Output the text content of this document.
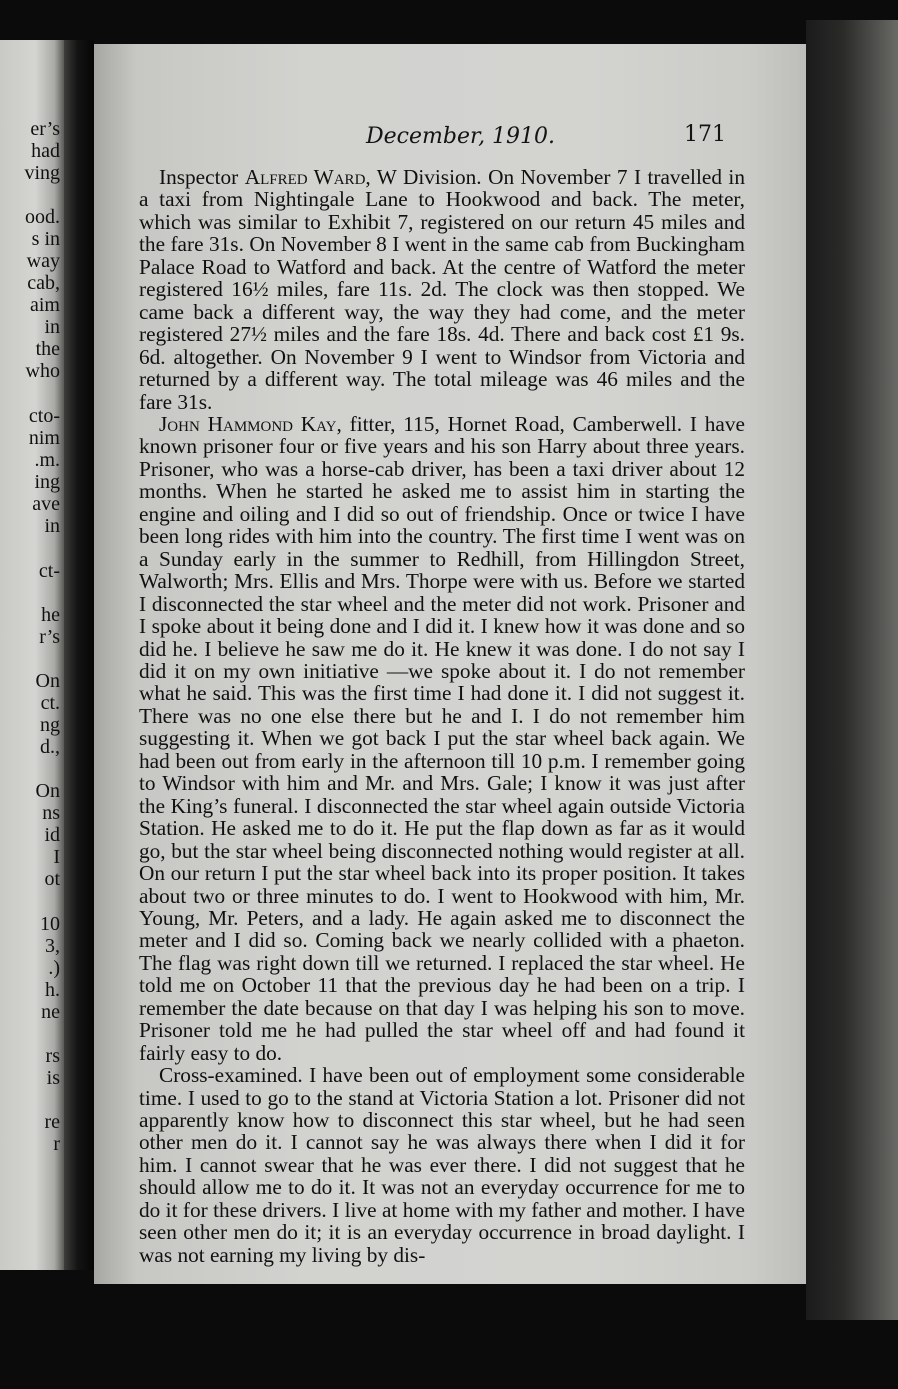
er’s
had
ving
ood.
s in
way
cab,
aim
in
the
who
cto-
nim
.m.
ing
ave
in
ct-
he
r’s
On
ct.
ng
d.,
On
ns
id
I
ot
10
3,
.)
h.
ne
rs
is
re
r
December, 1910.	171

Inspector Alfred Ward, W Division. On November 7 I travelled in a taxi from Nightingale Lane to Hookwood and back. The meter, which was similar to Exhibit 7, registered on our return 45 miles and the fare 31s. On November 8 I went in the same cab from Buckingham Palace Road to Watford and back. At the centre of Watford the meter registered 16½ miles, fare 11s. 2d. The clock was then stopped. We came back a different way, the way they had come, and the meter registered 27½ miles and the fare 18s. 4d. There and back cost £1 9s. 6d. altogether. On November 9 I went to Windsor from Victoria and returned by a different way. The total mileage was 46 miles and the fare 31s.

John Hammond Kay, fitter, 115, Hornet Road, Camberwell. I have known prisoner four or five years and his son Harry about three years. Prisoner, who was a horse-cab driver, has been a taxi driver about 12 months. When he started he asked me to assist him in starting the engine and oiling and I did so out of friendship. Once or twice I have been long rides with him into the country. The first time I went was on a Sunday early in the summer to Redhill, from Hillingdon Street, Walworth; Mrs. Ellis and Mrs. Thorpe were with us. Before we started I disconnected the star wheel and the meter did not work. Prisoner and I spoke about it being done and I did it. I knew how it was done and so did he. I believe he saw me do it. He knew it was done. I do not say I did it on my own initiative —we spoke about it. I do not remember what he said. This was the first time I had done it. I did not suggest it. There was no one else there but he and I. I do not remember him suggesting it. When we got back I put the star wheel back again. We had been out from early in the afternoon till 10 p.m. I remember going to Windsor with him and Mr. and Mrs. Gale; I know it was just after the King’s funeral. I disconnected the star wheel again outside Victoria Station. He asked me to do it. He put the flap down as far as it would go, but the star wheel being disconnected nothing would register at all. On our return I put the star wheel back into its proper position. It takes about two or three minutes to do. I went to Hookwood with him, Mr. Young, Mr. Peters, and a lady. He again asked me to disconnect the meter and I did so. Coming back we nearly collided with a phaeton. The flag was right down till we returned. I replaced the star wheel. He told me on October 11 that the previous day he had been on a trip. I remember the date because on that day I was helping his son to move. Prisoner told me he had pulled the star wheel off and had found it fairly easy to do.

Cross-examined. I have been out of employment some considerable time. I used to go to the stand at Victoria Station a lot. Prisoner did not apparently know how to disconnect this star wheel, but he had seen other men do it. I cannot say he was always there when I did it for him. I cannot swear that he was ever there. I did not suggest that he should allow me to do it. It was not an everyday occurrence for me to do it for these drivers. I live at home with my father and mother. I have seen other men do it; it is an everyday occurrence in broad daylight. I was not earning my living by dis-
